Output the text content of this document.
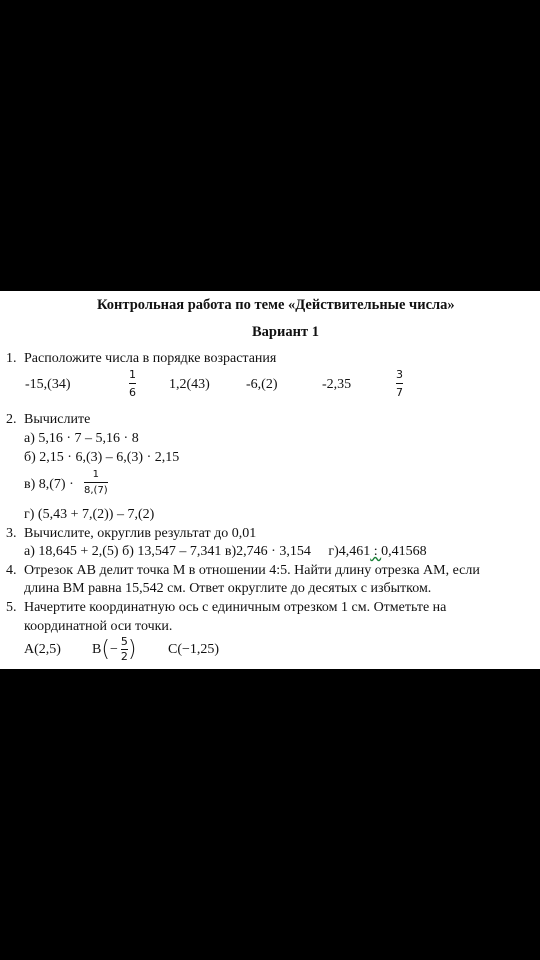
Контрольная работа по теме «Действительные числа»
Вариант 1
1. Расположите числа в порядке возрастания
-15,(34)
1
6
1,2(43)	-6,(2)	-2,35
3
7
2. Вычислите
а) 5,16 · 7 – 5,16 · 8
б) 2,15 · 6,(3) – 6,(3) · 2,15
в) 8,(7) ·
1
8,(7)
г) (5,43 + 7,(2)) – 7,(2)
3. Вычислите, округлив результат до 0,01
а) 18,645 + 2,(5) б) 13,547 – 7,341 в)2,746 · 3,154 г)4,461 : 0,41568
4. Отрезок АВ делит точка М в отношении 4:5. Найти длину отрезка АМ, если
длина ВМ равна 15,542 см. Ответ округлите до десятых с избытком.
5. Начертите координатную ось с единичным отрезком 1 см. Отметьте на
координатной оси точки.
A(2,5) B ( − 5
2 ) C(−1,25)
